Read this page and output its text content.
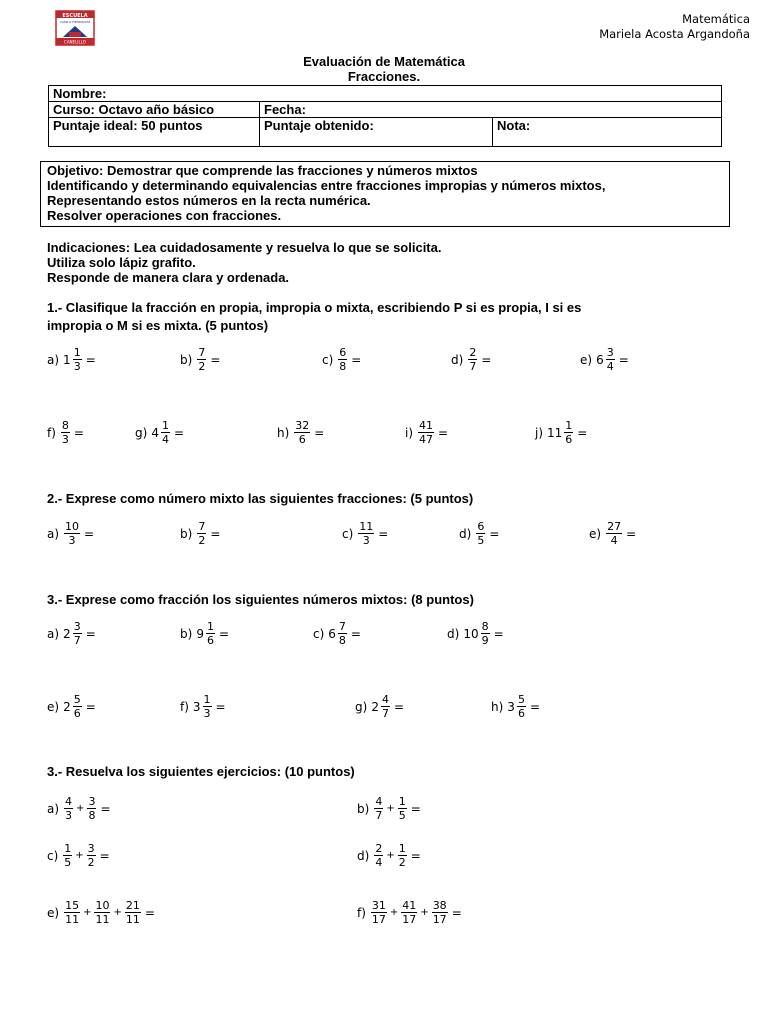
ESCUELA
CAMILO HENRIQUEZ
CANELILLO
Matemática
Mariela Acosta Argandoña
Evaluación de Matemática
Fracciones.
Nombre:		
Curso: Octavo año básico	Fecha:	
Puntaje ideal: 50 puntos	Puntaje obtenido:	Nota:
Objetivo: Demostrar que comprende las fracciones y números mixtos
Identificando y determinando equivalencias entre fracciones impropias y números mixtos,
Representando estos números en la recta numérica.
Resolver operaciones con fracciones.
Indicaciones: Lea cuidadosamente y resuelva lo que se solicita.
Utiliza solo lápiz grafito.
Responde de manera clara y ordenada.
1.- Clasifique la fracción en propia, impropia o mixta, escribiendo P si es propia, I si es
impropia o M si es mixta. (5 puntos)
a) $1 \frac{1}{3}$ =	$b) \frac{7}{2}$ =	$c) \frac{6}{8}$ =	$d) \frac{2}{7}$ =	e) $6 \frac{3}{4}$ =
$f) \frac{8}{3}$ =	g) $4 \frac{1}{4}$ =	$h) \frac{32}{6}$ =	$i) \frac{41}{47}$ =	j) $11 \frac{1}{6}$ =
2.- Exprese como número mixto las siguientes fracciones: (5 puntos)
$a) \frac{10}{3}$ =	$b) \frac{7}{2}$ =	$c) \frac{11}{3}$ =	$d) \frac{6}{5}$ =	$e) \frac{27}{4}$ =
3.- Exprese como fracción los siguientes números mixtos: (8 puntos)
a) $2 \frac{3}{7}$ =	b) $9 \frac{1}{6}$ =	c) $6 \frac{7}{8}$ =	d) $10 \frac{8}{9}$ =
e) $2 \frac{5}{6}$ =	f) $3 \frac{1}{3}$ =	g) $2 \frac{4}{7}$ =	h) $3 \frac{5}{6}$ =
3.- Resuelva los siguientes ejercicios: (10 puntos)
$a) \frac{4}{3} + \frac{3}{8}$ =	$b) \frac{4}{7} + \frac{1}{5}$ =
$c) \frac{1}{5} + \frac{3}{2}$ =	$d) \frac{2}{4} + \frac{1}{2}$ =
$e) \frac{15}{11} + \frac{10}{11} + \frac{21}{11}$ =	$f) \frac{31}{17} + \frac{41}{17} + \frac{38}{17}$ =
